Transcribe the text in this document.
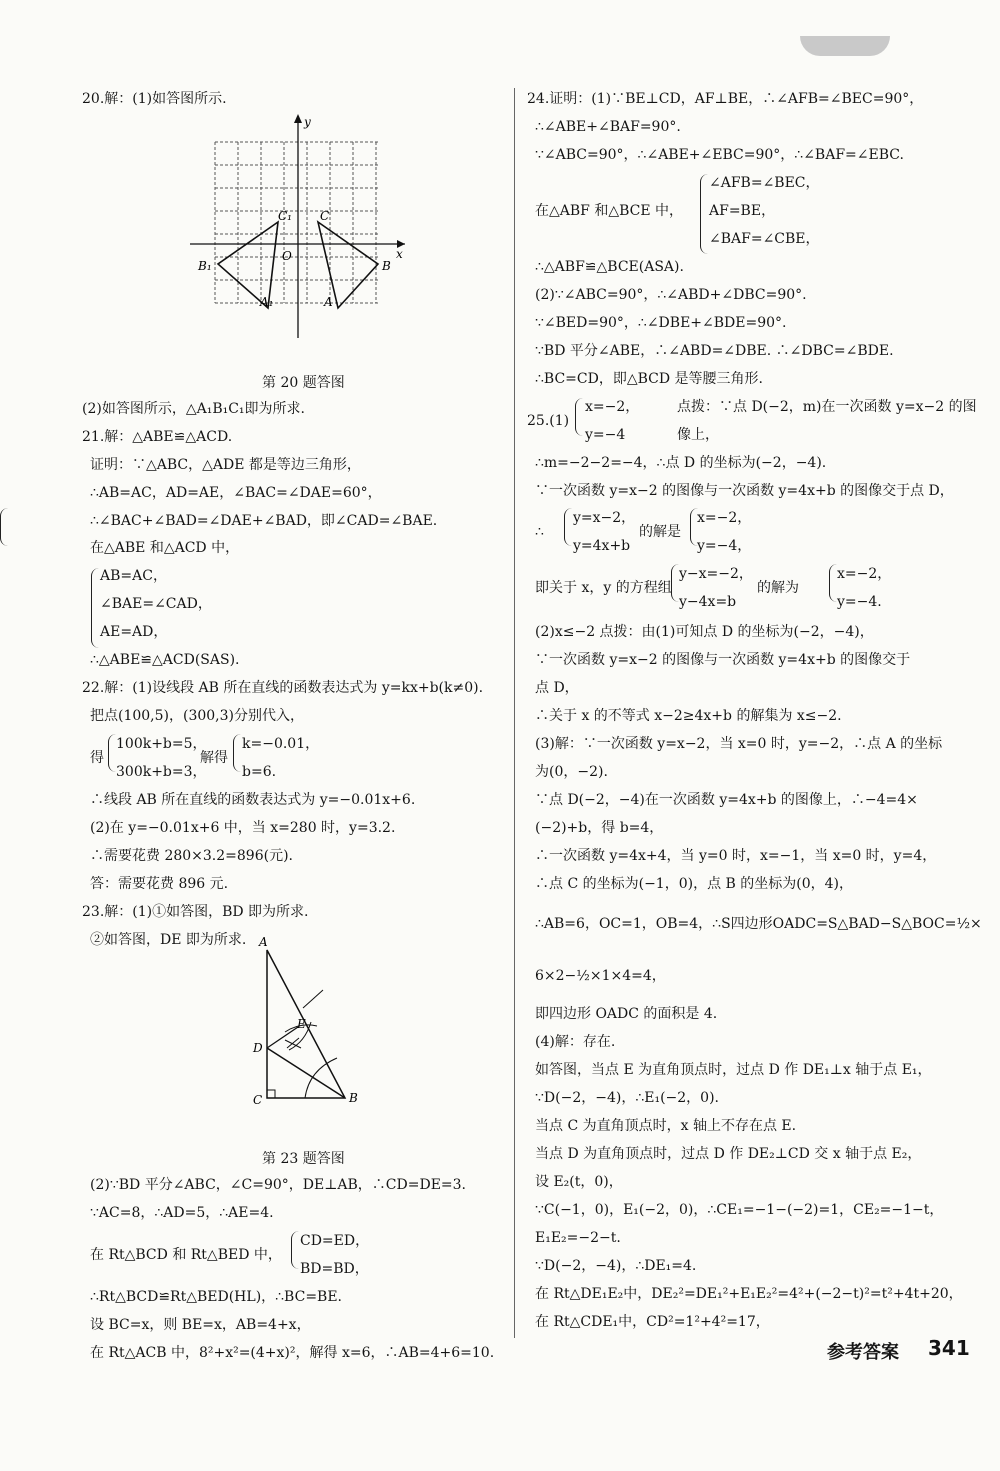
20.解：(1)如答图所示.
第 20 题答图
(2)如答图所示，△A₁B₁C₁即为所求.
21.解：△ABE≌△ACD.
证明：∵△ABC，△ADE 都是等边三角形，
∴AB=AC，AD=AE，∠BAC=∠DAE=60°，
∴∠BAC+∠BAD=∠DAE+∠BAD，即∠CAD=∠BAE.
在△ABE 和△ACD 中，
AB=AC，
∠BAE=∠CAD，
AE=AD，
∴△ABE≌△ACD(SAS).
22.解：(1)设线段 AB 所在直线的函数表达式为 y=kx+b(k≠0).
把点(100,5)，(300,3)分别代入，
得
100k+b=5，
300k+b=3，
解得
k=−0.01，
b=6.
∴线段 AB 所在直线的函数表达式为 y=−0.01x+6.
(2)在 y=−0.01x+6 中，当 x=280 时，y=3.2.
∴需要花费 280×3.2=896(元).
答：需要花费 896 元.
23.解：(1)①如答图，BD 即为所求.
②如答图，DE 即为所求.
第 23 题答图
(2)∵BD 平分∠ABC，∠C=90°，DE⊥AB，∴CD=DE=3.
∵AC=8，∴AD=5，∴AE=4.
在 Rt△BCD 和 Rt△BED 中，
CD=ED，
BD=BD，
∴Rt△BCD≌Rt△BED(HL)，∴BC=BE.
设 BC=x，则 BE=x，AB=4+x，
在 Rt△ACB 中，8²+x²=(4+x)²，解得 x=6，∴AB=4+6=10.
24.证明：(1)∵BE⊥CD，AF⊥BE，∴∠AFB=∠BEC=90°，
∴∠ABE+∠BAF=90°.
∵∠ABC=90°，∴∠ABE+∠EBC=90°，∴∠BAF=∠EBC.
∠AFB=∠BEC，
在△ABF 和△BCE 中， AF=BE，
∠BAF=∠CBE，
∴△ABF≌△BCE(ASA).
(2)∵∠ABC=90°，∴∠ABD+∠DBC=90°.
∵∠BED=90°，∴∠DBE+∠BDE=90°.
∵BD 平分∠ABE，∴∠ABD=∠DBE. ∴∠DBC=∠BDE.
∴BC=CD，即△BCD 是等腰三角形.
25.(1)
x=−2，
y=−4
点拨：∵点 D(−2，m)在一次函数 y=x−2 的图
像上，
∴m=−2−2=−4，∴点 D 的坐标为(−2，−4).
∵一次函数 y=x−2 的图像与一次函数 y=4x+b 的图像交于点 D，
y=x−2，	x=−2，
∴
y=4x+b
的解是
y=−4，
y−x=−2，	x=−2，
即关于 x，y 的方程组
y−4x=b
的解为
y=−4.
(2)x≤−2 点拨：由(1)可知点 D 的坐标为(−2，−4)，
∵一次函数 y=x−2 的图像与一次函数 y=4x+b 的图像交于
点 D，
∴关于 x 的不等式 x−2≥4x+b 的解集为 x≤−2.
(3)解：∵一次函数 y=x−2，当 x=0 时，y=−2，∴点 A 的坐标
为(0，−2).
∵点 D(−2，−4)在一次函数 y=4x+b 的图像上，∴−4=4×
(−2)+b，得 b=4，
∴一次函数 y=4x+4，当 y=0 时，x=−1，当 x=0 时，y=4，
∴点 C 的坐标为(−1，0)，点 B 的坐标为(0，4)，
∴AB=6，OC=1，OB=4，∴S四边形OADC=S△BAD−S△BOC=½×
6×2−½×1×4=4，
即四边形 OADC 的面积是 4.
(4)解：存在.
如答图，当点 E 为直角顶点时，过点 D 作 DE₁⊥x 轴于点 E₁，
∵D(−2，−4)，∴E₁(−2，0).
当点 C 为直角顶点时，x 轴上不存在点 E.
当点 D 为直角顶点时，过点 D 作 DE₂⊥CD 交 x 轴于点 E₂，
设 E₂(t，0)，
∵C(−1，0)，E₁(−2，0)，∴CE₁=−1−(−2)=1，CE₂=−1−t，
E₁E₂=−2−t.
∵D(−2，−4)，∴DE₁=4.
在 Rt△DE₁E₂中，DE₂²=DE₁²+E₁E₂²=4²+(−2−t)²=t²+4t+20，
在 Rt△CDE₁中，CD²=1²+4²=17，
y
x
O
C₁ C
B₁	B
A₁	A
A
D
E
C	B
参考答案 341
